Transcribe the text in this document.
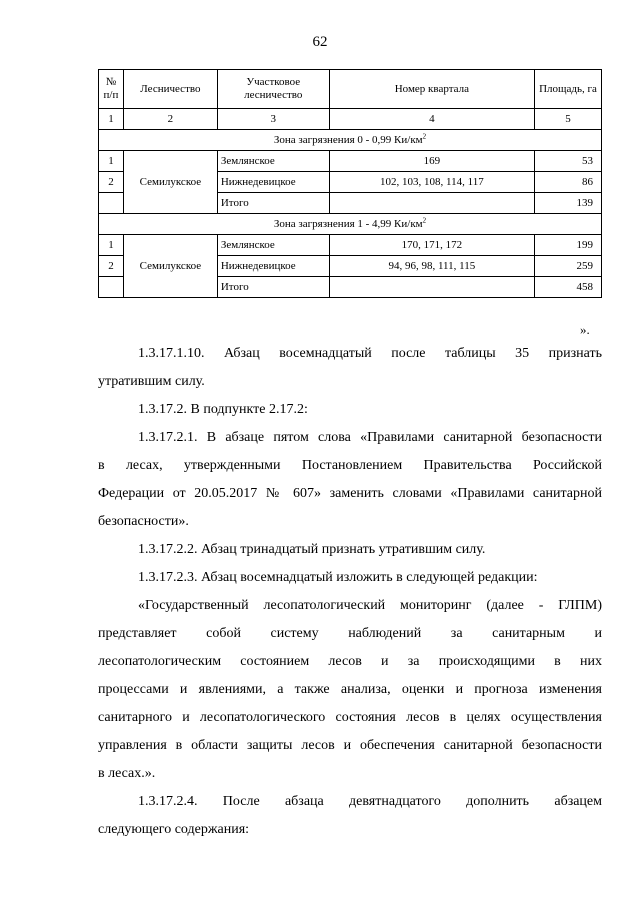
62
№ п/п	Лесничество	Участковое лесничество	Номер квартала	Площадь, га
1	2	3	4	5
Зона загрязнения 0 - 0,99 $Ки/км^2$
1	Семилукское	Землянское	169	53
2		Нижнедевицкое	102, 103, 108, 114, 117	86
		Итого		139
Зона загрязнения 1 - 4,99 $Ки/км^2$
1	Семилукское	Землянское	170, 171, 172	199
2		Нижнедевицкое	94, 96, 98, 111, 115	259
		Итого		458
».

1.3.17.1.10. Абзац восемнадцатый после таблицы 35 признать

утратившим силу.

1.3.17.2. В подпункте 2.17.2:

1.3.17.2.1. В абзаце пятом слова «Правилами санитарной безопасности

в лесах, утвержденными Постановлением Правительства Российской

Федерации от 20.05.2017 № 607» заменить словами «Правилами санитарной

безопасности».

1.3.17.2.2. Абзац тринадцатый признать утратившим силу.

1.3.17.2.3. Абзац восемнадцатый изложить в следующей редакции:

«Государственный лесопатологический мониторинг (далее - ГЛПМ)

представляет собой систему наблюдений за санитарным и

лесопатологическим состоянием лесов и за происходящими в них

процессами и явлениями, а также анализа, оценки и прогноза изменения

санитарного и лесопатологического состояния лесов в целях осуществления

управления в области защиты лесов и обеспечения санитарной безопасности

в лесах.».

1.3.17.2.4. После абзаца девятнадцатого дополнить абзацем

следующего содержания:
